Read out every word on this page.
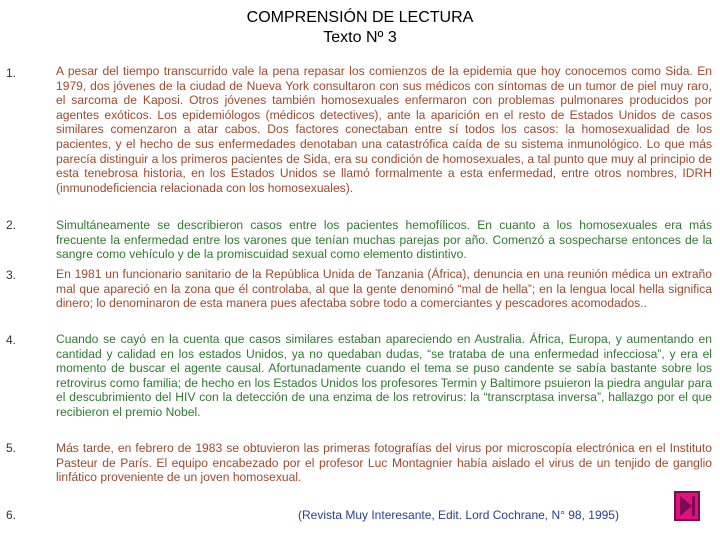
COMPRENSIÓN DE LECTURA
Texto Nº 3
1.	A pesar del tiempo transcurrido vale la pena repasar los comienzos de la epidemia que hoy conocemos como Sida. En 1979, dos jóvenes de la ciudad de Nueva York consultaron con sus médicos con síntomas de un tumor de piel muy raro, el sarcoma de Kaposi. Otros jóvenes también homosexuales enfermaron con problemas pulmonares producidos por agentes exóticos. Los epidemiólogos (médicos detectives), ante la aparición en el resto de Estados Unidos de casos similares comenzaron a atar cabos. Dos factores conectaban entre sí todos los casos: la homosexualidad de los pacientes, y el hecho de sus enfermedades denotaban una catastrófica caída de su sistema inmunológico. Lo que más parecía distinguir a los primeros pacientes de Sida, era su condición de homosexuales, a tal punto que muy al principio de esta tenebrosa historia, en los Estados Unidos se llamó formalmente a esta enfermedad, entre otros nombres, IDRH (inmunodeficiencia relacionada con los homosexuales).

2.	Simultáneamente se describieron casos entre los pacientes hemofílicos. En cuanto a los homosexuales era más frecuente la enfermedad entre los varones que tenían muchas parejas por año. Comenzó a sospecharse entonces de la sangre como vehículo y de la promiscuidad sexual como elemento distintivo.

3.	En 1981 un funcionario sanitario de la República Unida de Tanzania (África), denuncia en una reunión médica un extraño mal que apareció en la zona que él controlaba, al que la gente denominó “mal de hella”; en la lengua local hella significa dinero; lo denominaron de esta manera pues afectaba sobre todo a comerciantes y pescadores acomodados..

4.	Cuando se cayó en la cuenta que casos similares estaban apareciendo en Australia. África, Europa, y aumentando en cantidad y calidad en los estados Unidos, ya no quedaban dudas, “se trataba de una enfermedad infecciosa”, y era el momento de buscar el agente causal. Afortunadamente cuando el tema se puso candente se sabía bastante sobre los retrovirus como familia; de hecho en los Estados Unidos los profesores Termin y Baltimore psuieron la piedra angular para el descubrimiento del HIV con la detección de una enzima de los retrovirus: la “transcrptasa inversa”, hallazgo por el que recibieron el premio Nobel.

5.	Más tarde, en febrero de 1983 se obtuvieron las primeras fotografías del virus por microscopía electrónica en el Instituto Pasteur de París. El equipo encabezado por el profesor Luc Montagnier había aislado el virus de un tenjido de ganglio linfático proveniente de un joven homosexual.

6.	(Revista Muy Interesante, Edit. Lord Cochrane, N° 98, 1995)
